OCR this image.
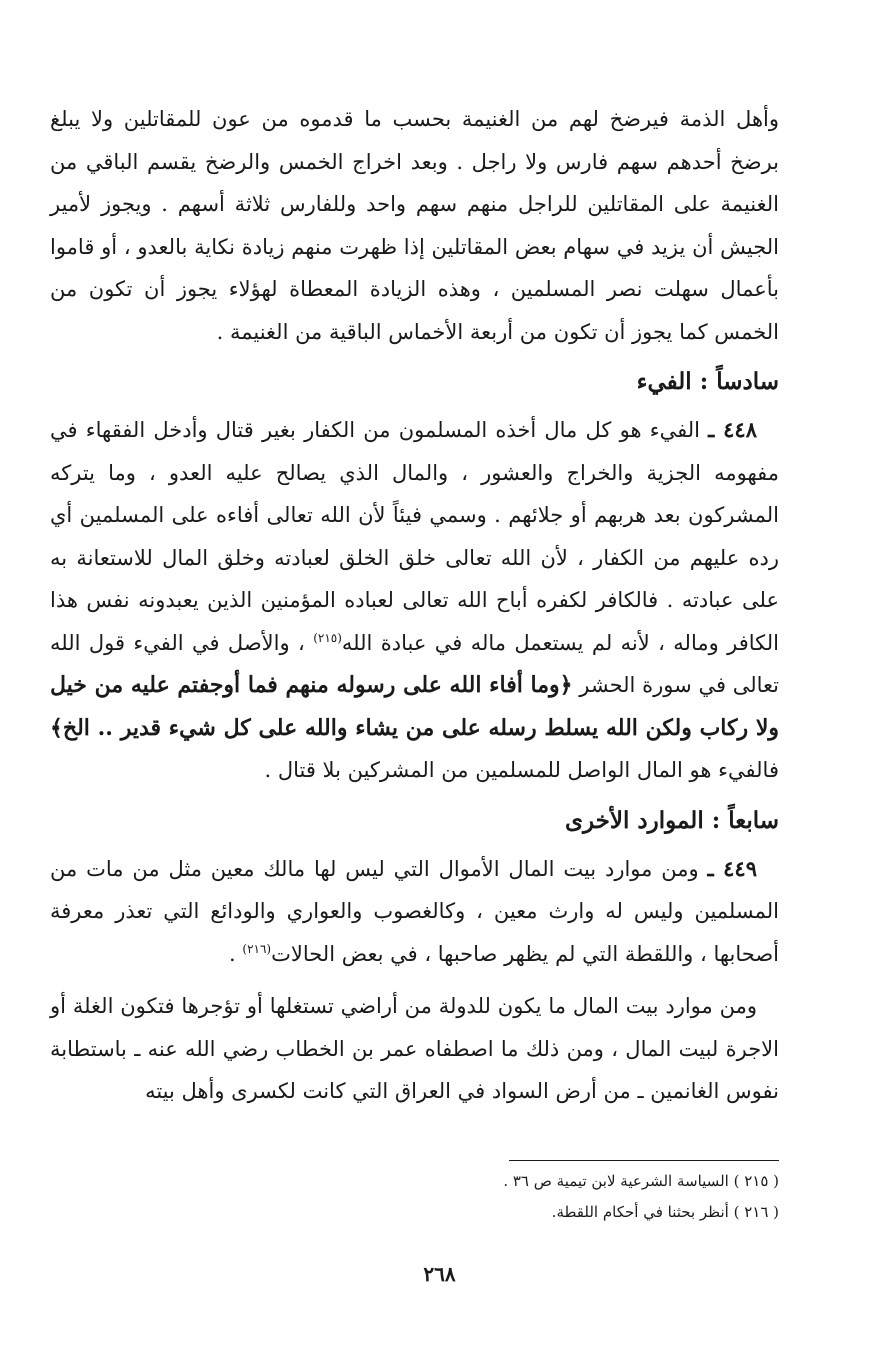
وأهل الذمة فيرضخ لهم من الغنيمة بحسب ما قدموه من عون للمقاتلين ولا يبلغ برضخ أحدهم سهم فارس ولا راجل . وبعد اخراج الخمس والرضخ يقسم الباقي من الغنيمة على المقاتلين للراجل منهم سهم واحد وللفارس ثلاثة أسهم . ويجوز لأمير الجيش أن يزيد في سهام بعض المقاتلين إذا ظهرت منهم زيادة نكاية بالعدو ، أو قاموا بأعمال سهلت نصر المسلمين ، وهذه الزيادة المعطاة لهؤلاء يجوز أن تكون من الخمس كما يجوز أن تكون من أربعة الأخماس الباقية من الغنيمة .

سادساً : الفيء

٤٤٨ ـ الفيء هو كل مال أخذه المسلمون من الكفار بغير قتال وأدخل الفقهاء في مفهومه الجزية والخراج والعشور ، والمال الذي يصالح عليه العدو ، وما يتركه المشركون بعد هربهم أو جلائهم . وسمي فيئاً لأن الله تعالى أفاءه على المسلمين أي رده عليهم من الكفار ، لأن الله تعالى خلق الخلق لعبادته وخلق المال للاستعانة به على عبادته . فالكافر لكفره أباح الله تعالى لعباده المؤمنين الذين يعبدونه نفس هذا الكافر وماله ، لأنه لم يستعمل ماله في عبادة الله$^{(٢١٥)}$ ، والأصل في الفيء قول الله تعالى في سورة الحشر ﴿وما أفاء الله على رسوله منهم فما أوجفتم عليه من خيل ولا ركاب ولكن الله يسلط رسله على من يشاء والله على كل شيء قدير .. الخ﴾ فالفيء هو المال الواصل للمسلمين من المشركين بلا قتال .

سابعاً : الموارد الأخرى

٤٤٩ ـ ومن موارد بيت المال الأموال التي ليس لها مالك معين مثل من مات من المسلمين وليس له وارث معين ، وكالغصوب والعواري والودائع التي تعذر معرفة أصحابها ، واللقطة التي لم يظهر صاحبها ، في بعض الحالات$^{(٢١٦)}$ .

ومن موارد بيت المال ما يكون للدولة من أراضي تستغلها أو تؤجرها فتكون الغلة أو الاجرة لبيت المال ، ومن ذلك ما اصطفاه عمر بن الخطاب رضي الله عنه ـ باستطابة نفوس الغانمين ـ من أرض السواد في العراق التي كانت لكسرى وأهل بيته

( ٢١٥ ) السياسة الشرعية لابن تيمية ص ٣٦ .

( ٢١٦ ) أنظر بحثنا في أحكام اللقطة.

٢٦٨
